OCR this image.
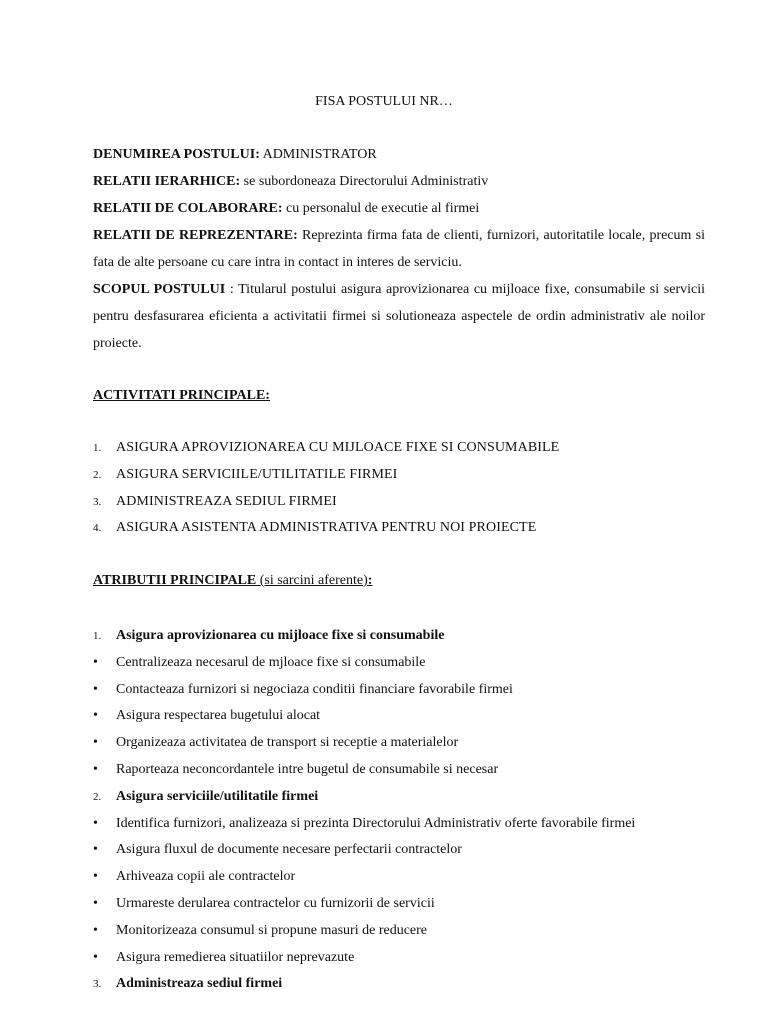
FISA POSTULUI NR…
DENUMIREA POSTULUI: ADMINISTRATOR
RELATII IERARHICE: se subordoneaza Directorului Administrativ
RELATII DE COLABORARE: cu personalul de executie al firmei
RELATII DE REPREZENTARE: Reprezinta firma fata de clienti, furnizori, autoritatile locale, precum si fata de alte persoane cu care intra in contact in interes de serviciu.
SCOPUL POSTULUI : Titularul postului asigura aprovizionarea cu mijloace fixe, consumabile si servicii pentru desfasurarea eficienta a activitatii firmei si solutioneaza aspectele de ordin administrativ ale noilor proiecte.
ACTIVITATI PRINCIPALE:
1. ASIGURA APROVIZIONAREA CU MIJLOACE FIXE SI CONSUMABILE
2. ASIGURA SERVICIILE/UTILITATILE FIRMEI
3. ADMINISTREAZA SEDIUL FIRMEI
4. ASIGURA ASISTENTA ADMINISTRATIVA PENTRU NOI PROIECTE
ATRIBUTII PRINCIPALE (si sarcini aferente):
1. Asigura aprovizionarea cu mijloace fixe si consumabile
• Centralizeaza necesarul de mjloace fixe si consumabile
• Contacteaza furnizori si negociaza conditii financiare favorabile firmei
• Asigura respectarea bugetului alocat
• Organizeaza activitatea de transport si receptie a materialelor
• Raporteaza neconcordantele intre bugetul de consumabile si necesar
2. Asigura serviciile/utilitatile firmei
• Identifica furnizori, analizeaza si prezinta Directorului Administrativ oferte favorabile firmei
• Asigura fluxul de documente necesare perfectarii contractelor
• Arhiveaza copii ale contractelor
• Urmareste derularea contractelor cu furnizorii de servicii
• Monitorizeaza consumul si propune masuri de reducere
• Asigura remedierea situatiilor neprevazute
3. Administreaza sediul firmei
